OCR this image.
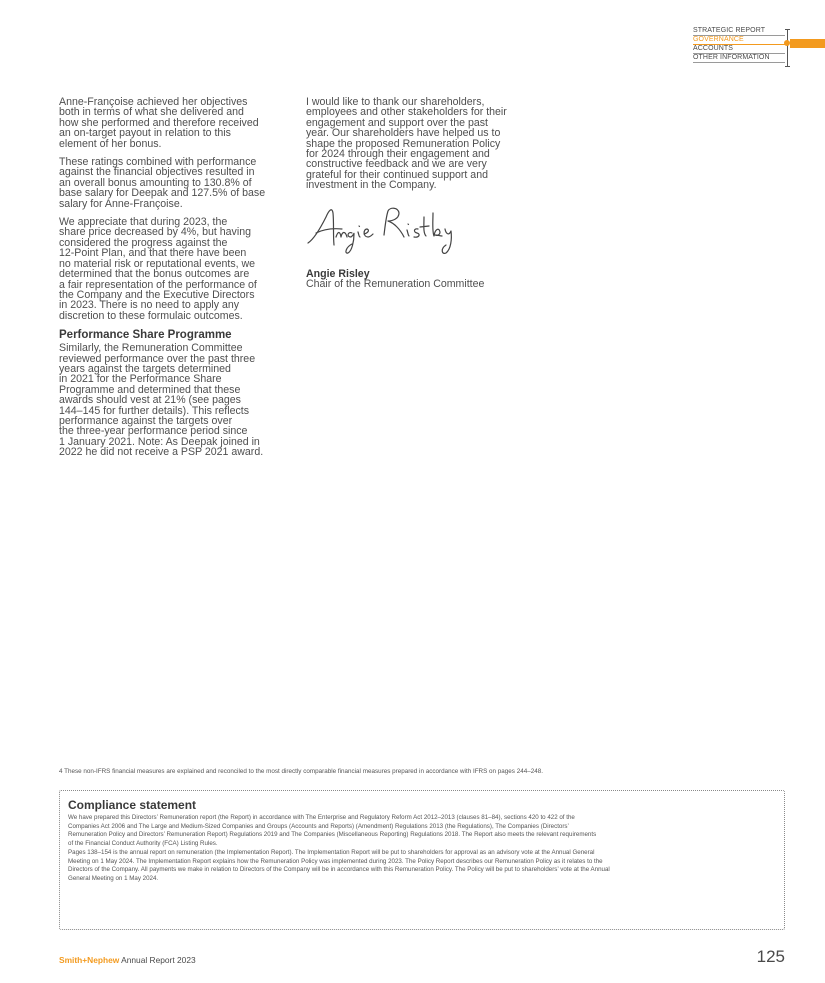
STRATEGIC REPORT
GOVERNANCE
ACCOUNTS
OTHER INFORMATION

Anne-Françoise achieved her objectives
both in terms of what she delivered and
how she performed and therefore received
an on-target payout in relation to this
element of her bonus.

These ratings combined with performance
against the financial objectives resulted in
an overall bonus amounting to 130.8% of
base salary for Deepak and 127.5% of base
salary for Anne-Françoise.

We appreciate that during 2023, the
share price decreased by 4%, but having
considered the progress against the
12-Point Plan, and that there have been
no material risk or reputational events, we
determined that the bonus outcomes are
a fair representation of the performance of
the Company and the Executive Directors
in 2023. There is no need to apply any
discretion to these formulaic outcomes.

Performance Share Programme

Similarly, the Remuneration Committee
reviewed performance over the past three
years against the targets determined
in 2021 for the Performance Share
Programme and determined that these
awards should vest at 21% (see pages
144–145 for further details). This reflects
performance against the targets over
the three-year performance period since
1 January 2021. Note: As Deepak joined in
2022 he did not receive a PSP 2021 award.

I would like to thank our shareholders,
employees and other stakeholders for their
engagement and support over the past
year. Our shareholders have helped us to
shape the proposed Remuneration Policy
for 2024 through their engagement and
constructive feedback and we are very
grateful for their continued support and
investment in the Company.

Angie Risley
Chair of the Remuneration Committee
4 These non-IFRS financial measures are explained and reconciled to the most directly comparable financial measures prepared in accordance with IFRS on pages 244–248.
Compliance statement

We have prepared this Directors’ Remuneration report (the Report) in accordance with The Enterprise and Regulatory Reform Act 2012–2013 (clauses 81–84), sections 420 to 422 of the
Companies Act 2006 and The Large and Medium-Sized Companies and Groups (Accounts and Reports) (Amendment) Regulations 2013 (the Regulations), The Companies (Directors’
Remuneration Policy and Directors’ Remuneration Report) Regulations 2019 and The Companies (Miscellaneous Reporting) Regulations 2018. The Report also meets the relevant requirements
of the Financial Conduct Authority (FCA) Listing Rules.
Pages 138–154 is the annual report on remuneration (the Implementation Report). The Implementation Report will be put to shareholders for approval as an advisory vote at the Annual General
Meeting on 1 May 2024. The Implementation Report explains how the Remuneration Policy was implemented during 2023. The Policy Report describes our Remuneration Policy as it relates to the
Directors of the Company. All payments we make in relation to Directors of the Company will be in accordance with this Remuneration Policy. The Policy will be put to shareholders’ vote at the Annual
General Meeting on 1 May 2024.

Smith+Nephew Annual Report 2023	125
